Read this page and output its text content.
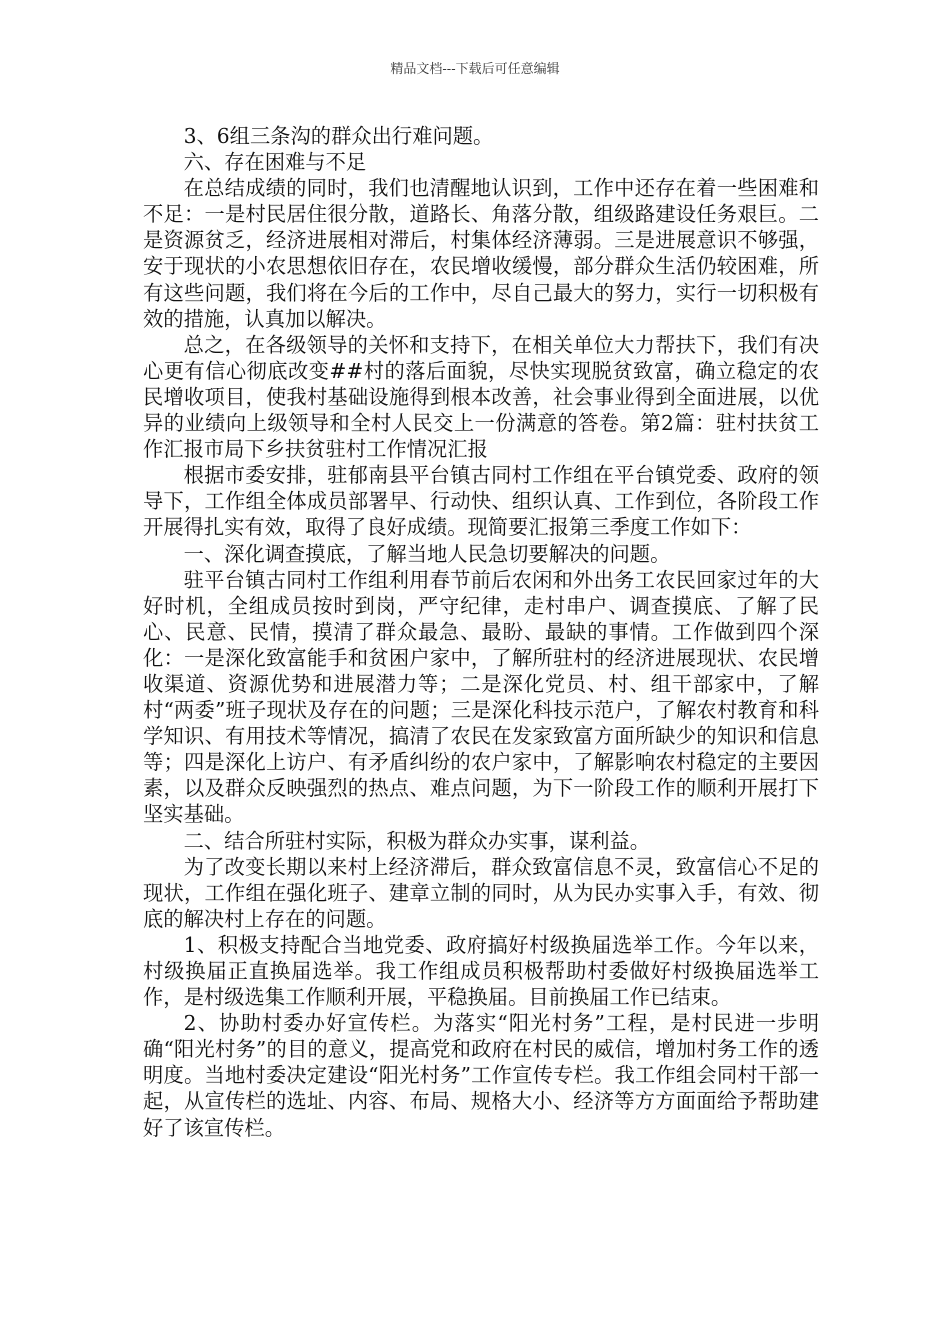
精品文档---下载后可任意编辑

3、6组三条沟的群众出行难问题。

六、存在困难与不足

在总结成绩的同时，我们也清醒地认识到，工作中还存在着一些困难和不足：一是村民居住很分散，道路长、角落分散，组级路建设任务艰巨。二是资源贫乏，经济进展相对滞后，村集体经济薄弱。三是进展意识不够强，安于现状的小农思想依旧存在，农民增收缓慢，部分群众生活仍较困难，所有这些问题，我们将在今后的工作中，尽自己最大的努力，实行一切积极有效的措施，认真加以解决。

总之，在各级领导的关怀和支持下，在相关单位大力帮扶下，我们有决心更有信心彻底改变##村的落后面貌，尽快实现脱贫致富，确立稳定的农民增收项目，使我村基础设施得到根本改善，社会事业得到全面进展，以优异的业绩向上级领导和全村人民交上一份满意的答卷。第2篇：驻村扶贫工作汇报市局下乡扶贫驻村工作情况汇报

根据市委安排，驻郁南县平台镇古同村工作组在平台镇党委、政府的领导下，工作组全体成员部署早、行动快、组织认真、工作到位，各阶段工作开展得扎实有效，取得了良好成绩。现简要汇报第三季度工作如下：

一、深化调查摸底，了解当地人民急切要解决的问题。

驻平台镇古同村工作组利用春节前后农闲和外出务工农民回家过年的大好时机，全组成员按时到岗，严守纪律，走村串户、调查摸底、了解了民心、民意、民情，摸清了群众最急、最盼、最缺的事情。工作做到四个深化：一是深化致富能手和贫困户家中，了解所驻村的经济进展现状、农民增收渠道、资源优势和进展潜力等；二是深化党员、村、组干部家中，了解村“两委”班子现状及存在的问题；三是深化科技示范户，了解农村教育和科学知识、有用技术等情况，搞清了农民在发家致富方面所缺少的知识和信息等；四是深化上访户、有矛盾纠纷的农户家中，了解影响农村稳定的主要因素，以及群众反映强烈的热点、难点问题，为下一阶段工作的顺利开展打下坚实基础。

二、结合所驻村实际，积极为群众办实事，谋利益。

为了改变长期以来村上经济滞后，群众致富信息不灵，致富信心不足的现状，工作组在强化班子、建章立制的同时，从为民办实事入手，有效、彻底的解决村上存在的问题。

1、积极支持配合当地党委、政府搞好村级换届选举工作。今年以来，村级换届正直换届选举。我工作组成员积极帮助村委做好村级换届选举工作，是村级选集工作顺利开展，平稳换届。目前换届工作已结束。

2、协助村委办好宣传栏。为落实“阳光村务”工程，是村民进一步明确“阳光村务”的目的意义，提高党和政府在村民的威信，增加村务工作的透明度。当地村委决定建设“阳光村务”工作宣传专栏。我工作组会同村干部一起，从宣传栏的选址、内容、布局、规格大小、经济等方方面面给予帮助建好了该宣传栏。
